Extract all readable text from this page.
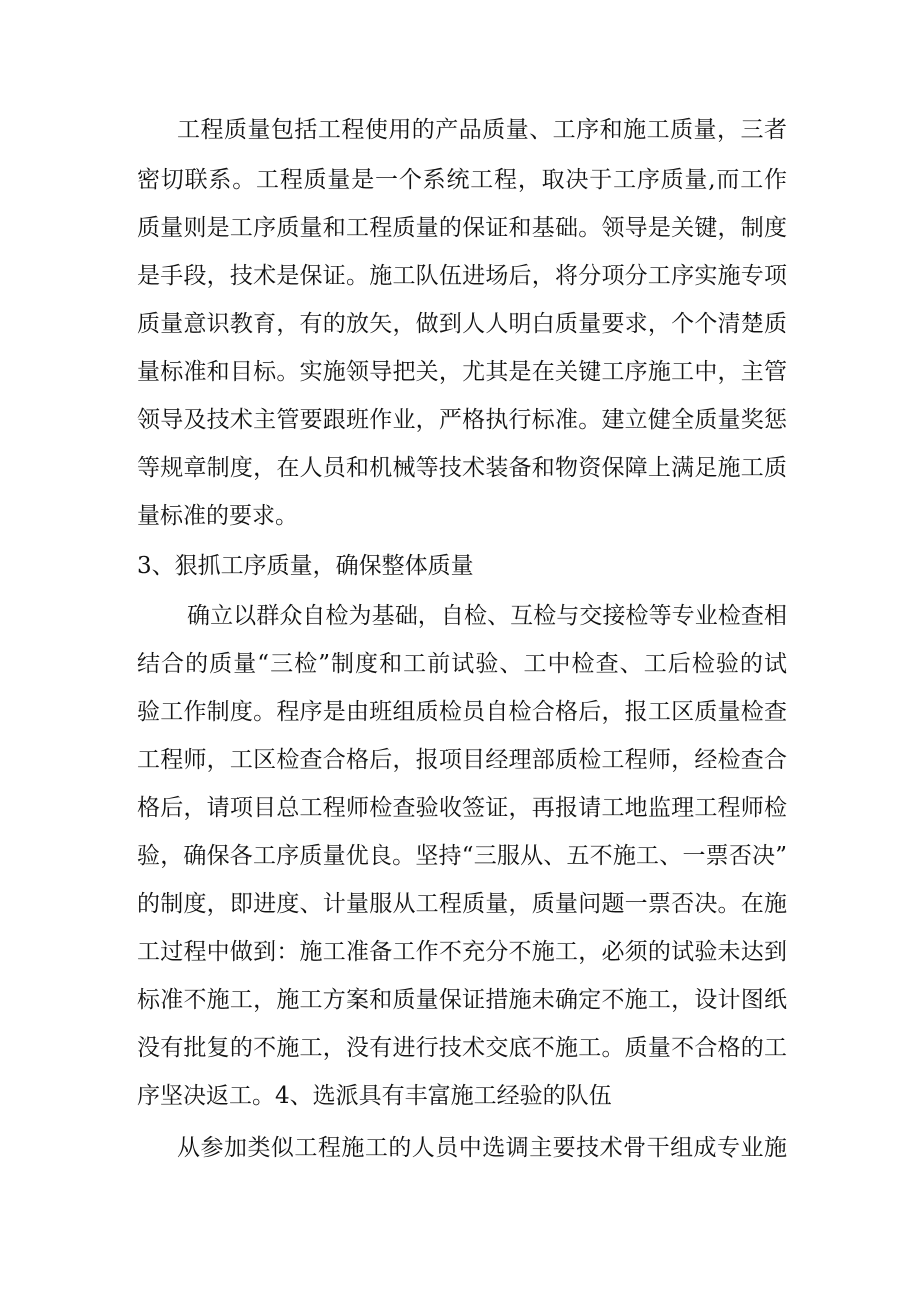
工程质量包括工程使用的产品质量、工序和施工质量，三者
密切联系。工程质量是一个系统工程，取决于工序质量,而工作
质量则是工序质量和工程质量的保证和基础。领导是关键，制度
是手段，技术是保证。施工队伍进场后，将分项分工序实施专项
质量意识教育，有的放矢，做到人人明白质量要求，个个清楚质
量标准和目标。实施领导把关，尤其是在关键工序施工中，主管
领导及技术主管要跟班作业，严格执行标准。建立健全质量奖惩
等规章制度，在人员和机械等技术装备和物资保障上满足施工质
量标准的要求。
3、狠抓工序质量，确保整体质量
确立以群众自检为基础，自检、互检与交接检等专业检查相
结合的质量“三检”制度和工前试验、工中检查、工后检验的试
验工作制度。程序是由班组质检员自检合格后，报工区质量检查
工程师，工区检查合格后，报项目经理部质检工程师，经检查合
格后，请项目总工程师检查验收签证，再报请工地监理工程师检
验，确保各工序质量优良。坚持“三服从、五不施工、一票否决”
的制度，即进度、计量服从工程质量，质量问题一票否决。在施
工过程中做到：施工准备工作不充分不施工，必须的试验未达到
标准不施工，施工方案和质量保证措施未确定不施工，设计图纸
没有批复的不施工，没有进行技术交底不施工。质量不合格的工
序坚决返工。4、选派具有丰富施工经验的队伍
从参加类似工程施工的人员中选调主要技术骨干组成专业施
